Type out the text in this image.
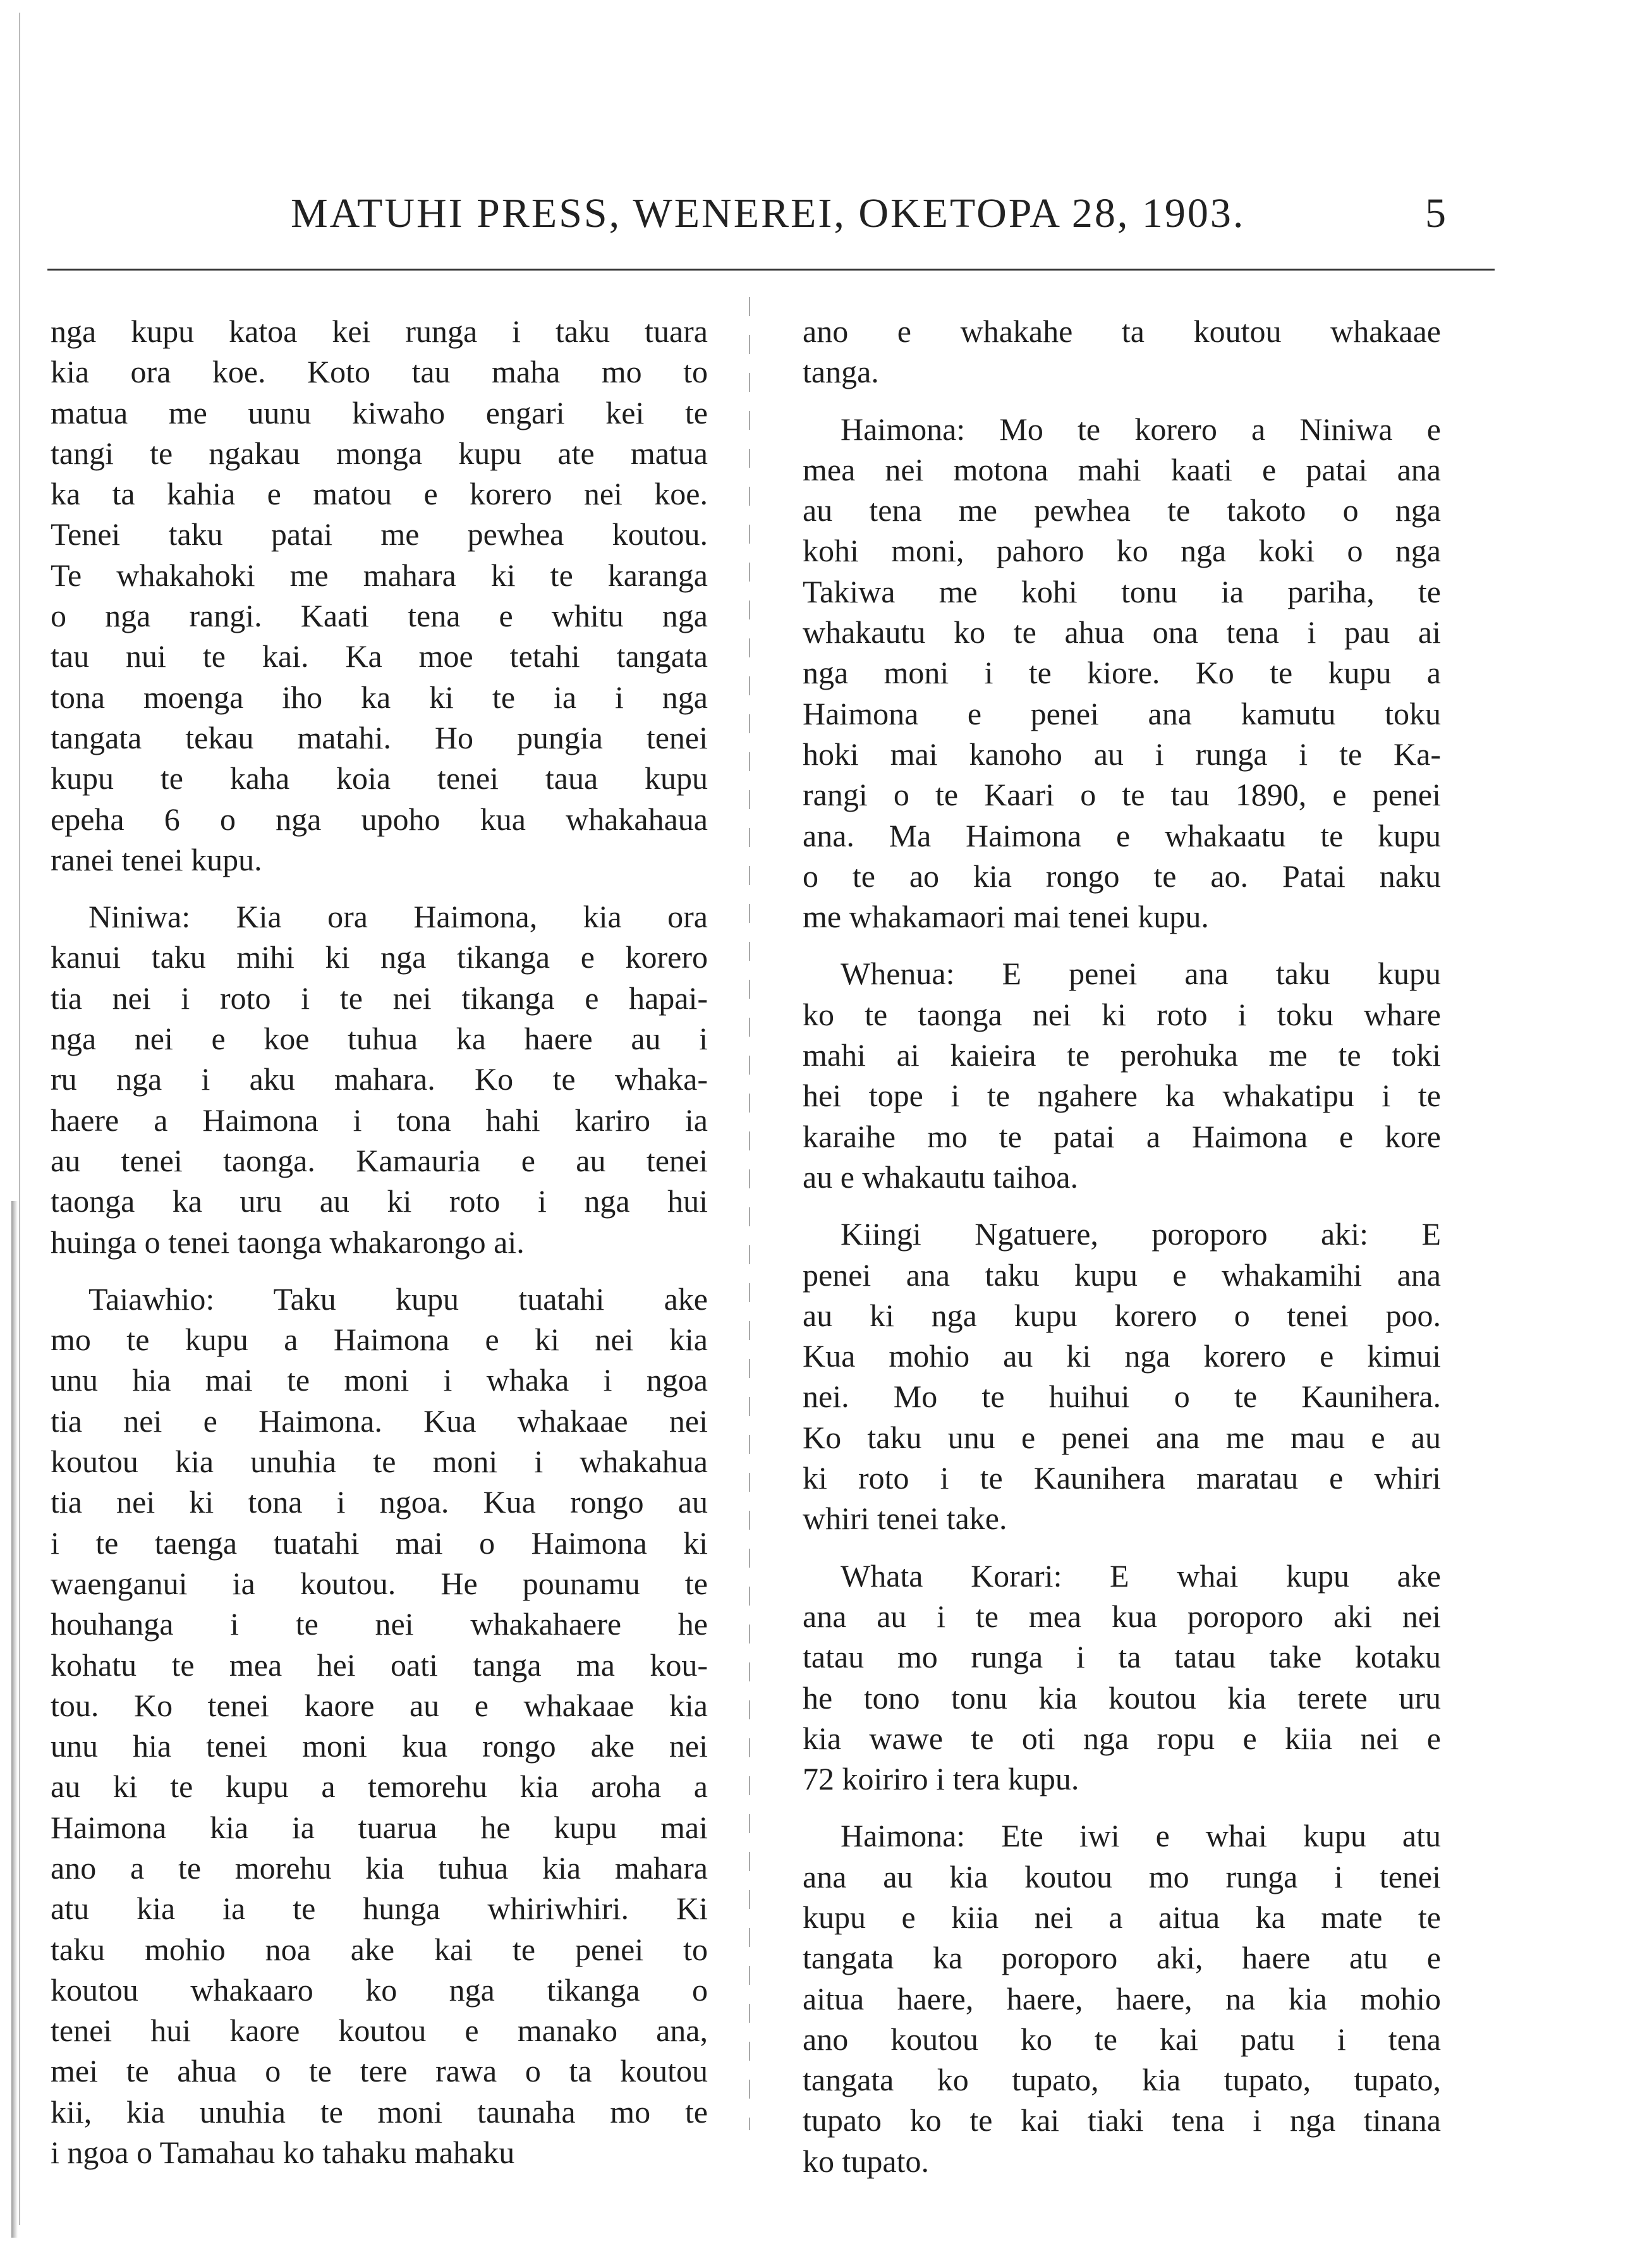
MATUHI PRESS, WENEREI, OKETOPA 28, 1903.	5
nga kupu katoa kei runga i taku tuara
kia ora koe. Koto tau maha mo to
matua me uunu kiwaho engari kei te
tangi te ngakau monga kupu ate matua
ka ta kahia e matou e korero nei koe.
Tenei taku patai me pewhea koutou.
Te whakahoki me mahara ki te karanga
o nga rangi. Kaati tena e whitu nga
tau nui te kai. Ka moe tetahi tangata
tona moenga iho ka ki te ia i nga
tangata tekau matahi. Ho pungia tenei
kupu te kaha koia tenei taua kupu
epeha 6 o nga upoho kua whakahaua
ranei tenei kupu.
Niniwa: Kia ora Haimona, kia ora
kanui taku mihi ki nga tikanga e korero
tia nei i roto i te nei tikanga e hapai-
nga nei e koe tuhua ka haere au i
ru nga i aku mahara. Ko te whaka-
haere a Haimona i tona hahi kariro ia
au tenei taonga. Kamauria e au tenei
taonga ka uru au ki roto i nga hui
huinga o tenei taonga whakarongo ai.
Taiawhio: Taku kupu tuatahi ake
mo te kupu a Haimona e ki nei kia
unu hia mai te moni i whaka i ngoa
tia nei e Haimona. Kua whakaae nei
koutou kia unuhia te moni i whakahua
tia nei ki tona i ngoa. Kua rongo au
i te taenga tuatahi mai o Haimona ki
waenganui ia koutou. He pounamu te
houhanga i te nei whakahaere he
kohatu te mea hei oati tanga ma kou-
tou. Ko tenei kaore au e whakaae kia
unu hia tenei moni kua rongo ake nei
au ki te kupu a temorehu kia aroha a
Haimona kia ia tuarua he kupu mai
ano a te morehu kia tuhua kia mahara
atu kia ia te hunga whiriwhiri. Ki
taku mohio noa ake kai te penei to
koutou whakaaro ko nga tikanga o
tenei hui kaore koutou e manako ana,
mei te ahua o te tere rawa o ta koutou
kii, kia unuhia te moni taunaha mo te
i ngoa o Tamahau ko tahaku mahaku
ano e whakahe ta koutou whakaae
tanga.
Haimona: Mo te korero a Niniwa e
mea nei motona mahi kaati e patai ana
au tena me pewhea te takoto o nga
kohi moni, pahoro ko nga koki o nga
Takiwa me kohi tonu ia pariha, te
whakautu ko te ahua ona tena i pau ai
nga moni i te kiore. Ko te kupu a
Haimona e penei ana kamutu toku
hoki mai kanoho au i runga i te Ka-
rangi o te Kaari o te tau 1890, e penei
ana. Ma Haimona e whakaatu te kupu
o te ao kia rongo te ao. Patai naku
me whakamaori mai tenei kupu.
Whenua: E penei ana taku kupu
ko te taonga nei ki roto i toku whare
mahi ai kaieira te perohuka me te toki
hei tope i te ngahere ka whakatipu i te
karaihe mo te patai a Haimona e kore
au e whakautu taihoa.
Kiingi Ngatuere, poroporo aki: E
penei ana taku kupu e whakamihi ana
au ki nga kupu korero o tenei poo.
Kua mohio au ki nga korero e kimui
nei. Mo te huihui o te Kaunihera.
Ko taku unu e penei ana me mau e au
ki roto i te Kaunihera maratau e whiri
whiri tenei take.
Whata Korari: E whai kupu ake
ana au i te mea kua poroporo aki nei
tatau mo runga i ta tatau take kotaku
he tono tonu kia koutou kia terete uru
kia wawe te oti nga ropu e kiia nei e
72 koiriro i tera kupu.
Haimona: Ete iwi e whai kupu atu
ana au kia koutou mo runga i tenei
kupu e kiia nei a aitua ka mate te
tangata ka poroporo aki, haere atu e
aitua haere, haere, haere, na kia mohio
ano koutou ko te kai patu i tena
tangata ko tupato, kia tupato, tupato,
tupato ko te kai tiaki tena i nga tinana
ko tupato.
